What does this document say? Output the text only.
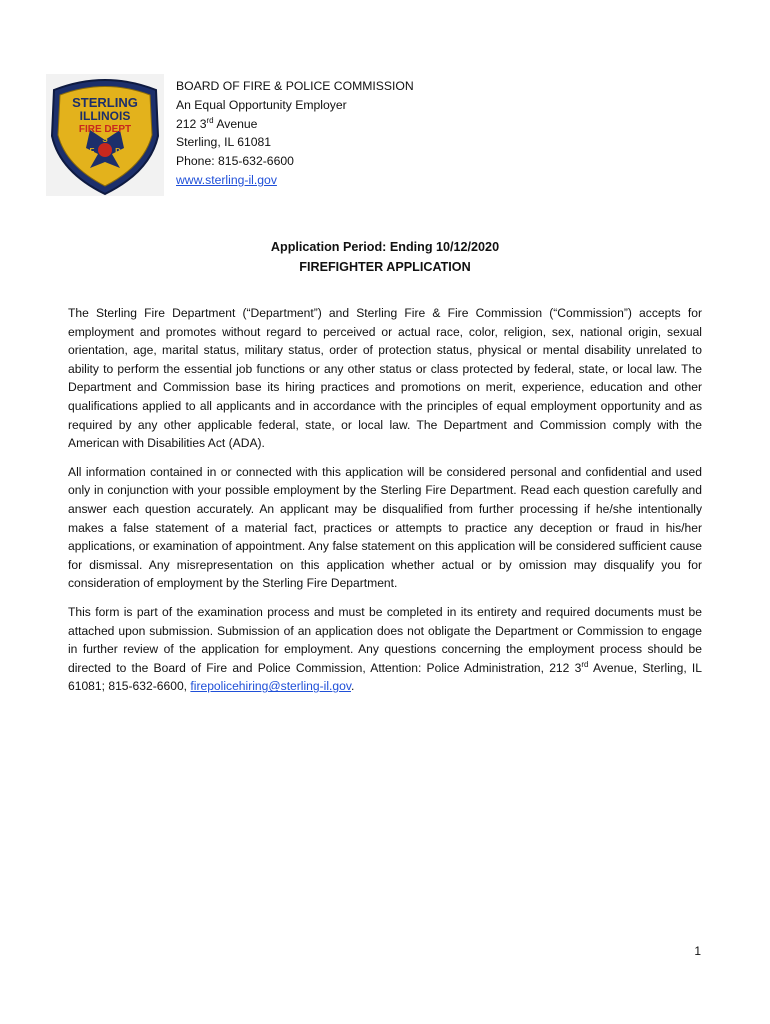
STERLING
ILLINOIS
FIRE DEPT
S
F	D
BOARD OF FIRE & POLICE COMMISSION
An Equal Opportunity Employer
212 3rd Avenue
Sterling, IL 61081
Phone: 815-632-6600
www.sterling-il.gov
Application Period: Ending 10/12/2020
FIREFIGHTER APPLICATION

The Sterling Fire Department (“Department”) and Sterling Fire & Fire Commission (“Commission”) accepts for employment and promotes without regard to perceived or actual race, color, religion, sex, national origin, sexual orientation, age, marital status, military status, order of protection status, physical or mental disability unrelated to ability to perform the essential job functions or any other status or class protected by federal, state, or local law. The Department and Commission base its hiring practices and promotions on merit, experience, education and other qualifications applied to all applicants and in accordance with the principles of equal employment opportunity and as required by any other applicable federal, state, or local law. The Department and Commission comply with the American with Disabilities Act (ADA).

All information contained in or connected with this application will be considered personal and confidential and used only in conjunction with your possible employment by the Sterling Fire Department. Read each question carefully and answer each question accurately. An applicant may be disqualified from further processing if he/she intentionally makes a false statement of a material fact, practices or attempts to practice any deception or fraud in his/her applications, or examination of appointment. Any false statement on this application will be considered sufficient cause for dismissal. Any misrepresentation on this application whether actual or by omission may disqualify you for consideration of employment by the Sterling Fire Department.

This form is part of the examination process and must be completed in its entirety and required documents must be attached upon submission. Submission of an application does not obligate the Department or Commission to engage in further review of the application for employment. Any questions concerning the employment process should be directed to the Board of Fire and Police Commission, Attention: Police Administration, 212 3rd Avenue, Sterling, IL 61081; 815-632-6600, firepolicehiring@sterling-il.gov.

1
